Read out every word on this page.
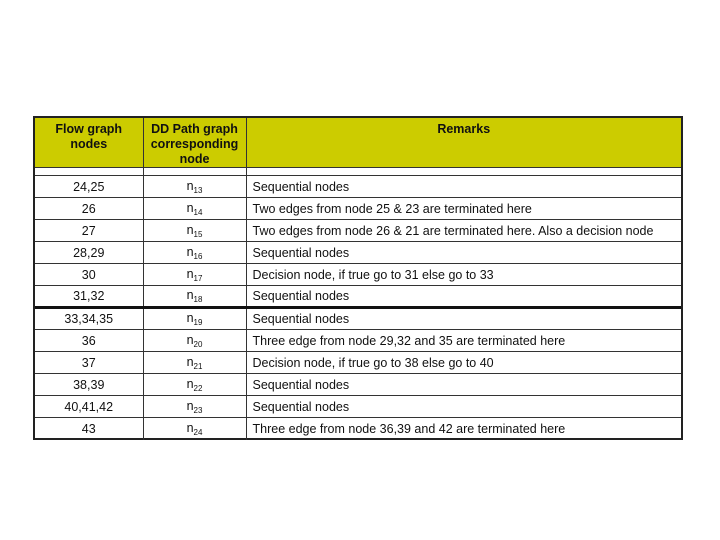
Flow graph nodes	DD Path graph corresponding node	Remarks

24,25	$n_{13}$	Sequential nodes
26	$n_{14}$	Two edges from node 25 & 23 are terminated here
27	$n_{15}$	Two edges from node 26 & 21 are terminated here. Also a decision node
28,29	$n_{16}$	Sequential nodes
30	$n_{17}$	Decision node, if true go to 31 else go to 33
31,32	$n_{18}$	Sequential nodes
33,34,35	$n_{19}$	Sequential nodes
36	$n_{20}$	Three edge from node 29,32 and 35 are terminated here
37	$n_{21}$	Decision node, if true go to 38 else go to 40
38,39	$n_{22}$	Sequential nodes
40,41,42	$n_{23}$	Sequential nodes
43	$n_{24}$	Three edge from node 36,39 and 42 are terminated here
